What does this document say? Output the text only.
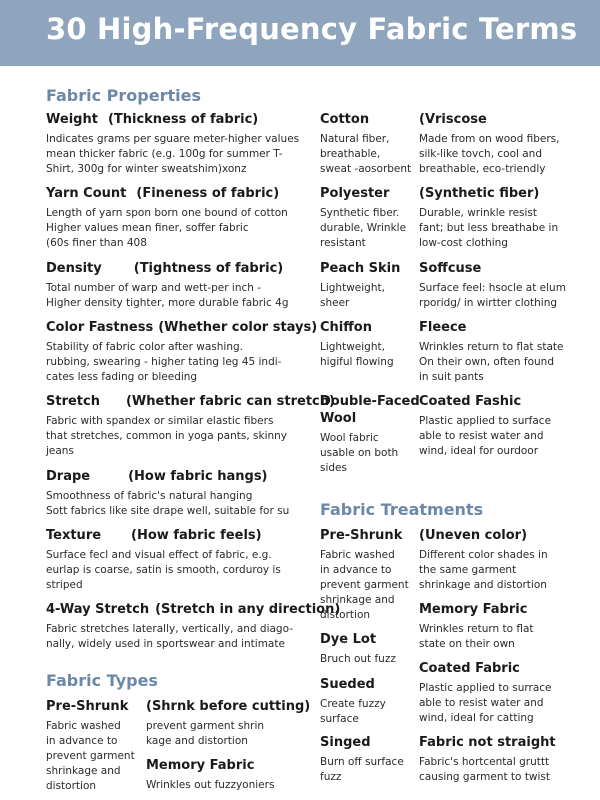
30 High-Frequency Fabric Terms
Fabric Properties
Weight (Thickness of fabric)
Indicates grams per sguare meter-higher values
mean thicker fabric (e.g. 100g for summer T-
Shirt, 300g for winter sweatshim)xonz
Yarn Count (Fineness of fabric)
Length of yarn spon born one bound of cotton
Higher values mean finer, soffer fabric
(60s finer than 408
Density (Tightness of fabric)
Total number of warp and wett-per inch -
Higher density tighter, more durable fabric 4g
Color Fastness (Whether color stays)
Stability of fabric color after washing.
rubbing, swearing - higher tating leg 45 indi-
cates less fading or bleeding
Stretch (Whether fabric can stretch)
Fabric with spandex or similar elastic fibers
that stretches, common in yoga pants, skinny
jeans
Drape	(How fabric hangs)
Smoothness of fabric's natural hanging
Sott fabrics like site drape well, suitable for su
Texture (How fabric feels)
Surface fecl and visual effect of fabric, e.g.
eurlap is coarse, satin is smooth, corduroy is
striped
4-Way Stretch (Stretch in any direction)
Fabric stretches laterally, vertically, and diago-
nally, widely used in sportswear and intimate
Fabric Types
Pre-Shrunk
Fabric washed
in advance to
prevent garment
shrinkage and
distortion
(Shrnk before cutting)
prevent garment shrin
kage and distortion
Memory Fabric
Wrinkles out fuzzyoniers
Cotton
Natural fiber,
breathable,
sweat -aosorbent
(Vriscose
Made from on wood fibers,
silk-like tovch, cool and
breathable, eco-triendly
Polyester
Synthetic fiber.
durable, Wrinkle
resistant
(Synthetic fiber)
Durable, wrinkle resist
fant; but less breathabe in
low-cost clothing
Peach Skin
Lightweight,
sheer
Soffcuse
Surface feel: hsocle at elum
rporidg/ in wirtter clothing
Chiffon
Lightweight,
higiful flowing
Fleece
Wrinkles return to flat state
On their own, often found
in suit pants
Double-Faced
Wool
Wool fabric
usable on both
sides
Coated Fashic
Plastic applied to surface
able to resist water and
wind, ideal for ourdoor
Fabric Treatments
Pre-Shrunk
Fabric washed
in advance to
prevent garment
shrinkage and
distortion
(Uneven color)
Different color shades in
the same garment
shrinkage and distortion
Memory Fabric
Wrinkles return to flat
state on their own
Dye Lot
Bruch out fuzz
Coated Fabric
Plastic applied to surrace
able to resist water and
wind, ideal for catting
Sueded
Create fuzzy
surface
Singed
Burn off surface
fuzz
Fabric not straight
Fabric's hortcental gruttt
causing garment to twist
